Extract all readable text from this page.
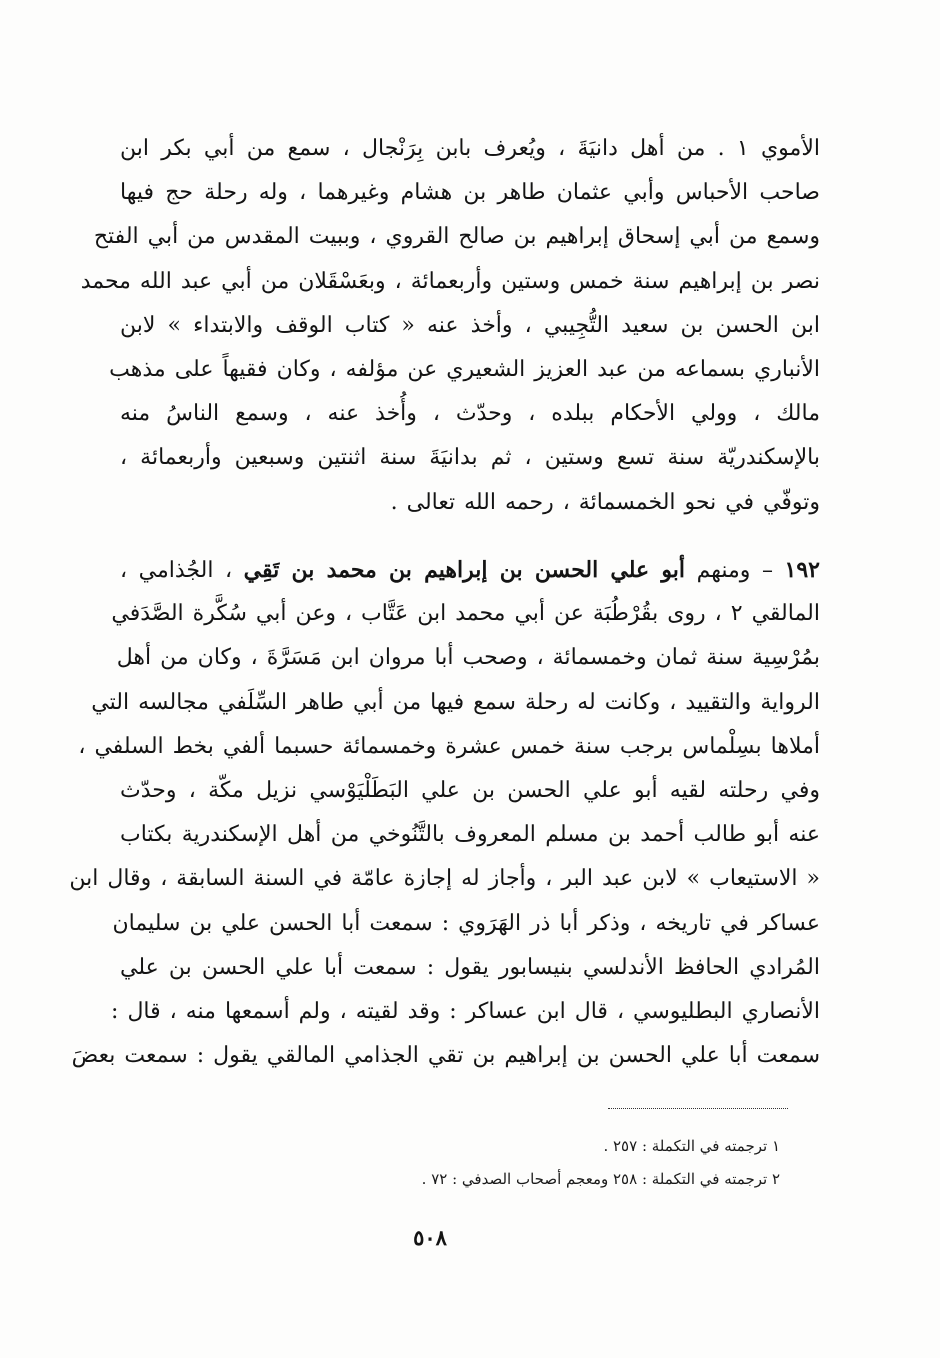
الأموي ١ . من أهل دانيَةَ ، ويُعرف بابن بِرَنْجال ، سمع من أبي بكر ابن
صاحب الأحباس وأبي عثمان طاهر بن هشام وغيرهما ، وله رحلة حج فيها
وسمع من أبي إسحاق إبراهيم بن صالح القروي ، وببيت المقدس من أبي الفتح
نصر بن إبراهيم سنة خمس وستين وأربعمائة ، وبعَسْقَلان من أبي عبد الله محمد
ابن الحسن بن سعيد التُّجِيبي ، وأخذ عنه « كتاب الوقف والابتداء » لابن
الأنباري بسماعه من عبد العزيز الشعيري عن مؤلفه ، وكان فقيهاً على مذهب
مالك ، وولي الأحكام ببلده ، وحدّث ، وأُخذ عنه ، وسمع الناسُ منه
بالإسكندريّة سنة تسع وستين ، ثم بدانيَةَ سنة اثنتين وسبعين وأربعمائة ،
وتوفّي في نحو الخمسمائة ، رحمه الله تعالى .
١٩٢ – ومنهم أبو علي الحسن بن إبراهيم بن محمد بن تَقِي ، الجُذامي ،
المالقي ٢ ، روى بقُرْطُبَة عن أبي محمد ابن عَتَّاب ، وعن أبي سُكَّرة الصَّدَفي
بمُرْسِية سنة ثمان وخمسمائة ، وصحب أبا مروان ابن مَسَرَّةَ ، وكان من أهل
الرواية والتقييد ، وكانت له رحلة سمع فيها من أبي طاهر السِّلَفي مجالسه التي
أملاها بسِلْماس برجب سنة خمس عشرة وخمسمائة حسبما ألفي بخط السلفي ،
وفي رحلته لقيه أبو علي الحسن بن علي البَطَلْيَوْسي نزيل مكّة ، وحدّث
عنه أبو طالب أحمد بن مسلم المعروف بالتَّنُوخي من أهل الإسكندرية بكتاب
« الاستيعاب » لابن عبد البر ، وأجاز له إجازة عامّة في السنة السابقة ، وقال ابن
عساكر في تاريخه ، وذكر أبا ذر الهَرَوي : سمعت أبا الحسن علي بن سليمان
المُرادي الحافظ الأندلسي بنيسابور يقول : سمعت أبا علي الحسن بن علي
الأنصاري البطليوسي ، قال ابن عساكر : وقد لقيته ، ولم أسمعها منه ، قال :
سمعت أبا علي الحسن بن إبراهيم بن تقي الجذامي المالقي يقول : سمعت بعضَ
١ ترجمته في التكملة : ٢٥٧ .
٢ ترجمته في التكملة : ٢٥٨ ومعجم أصحاب الصدفي : ٧٢ .
٥٠٨
